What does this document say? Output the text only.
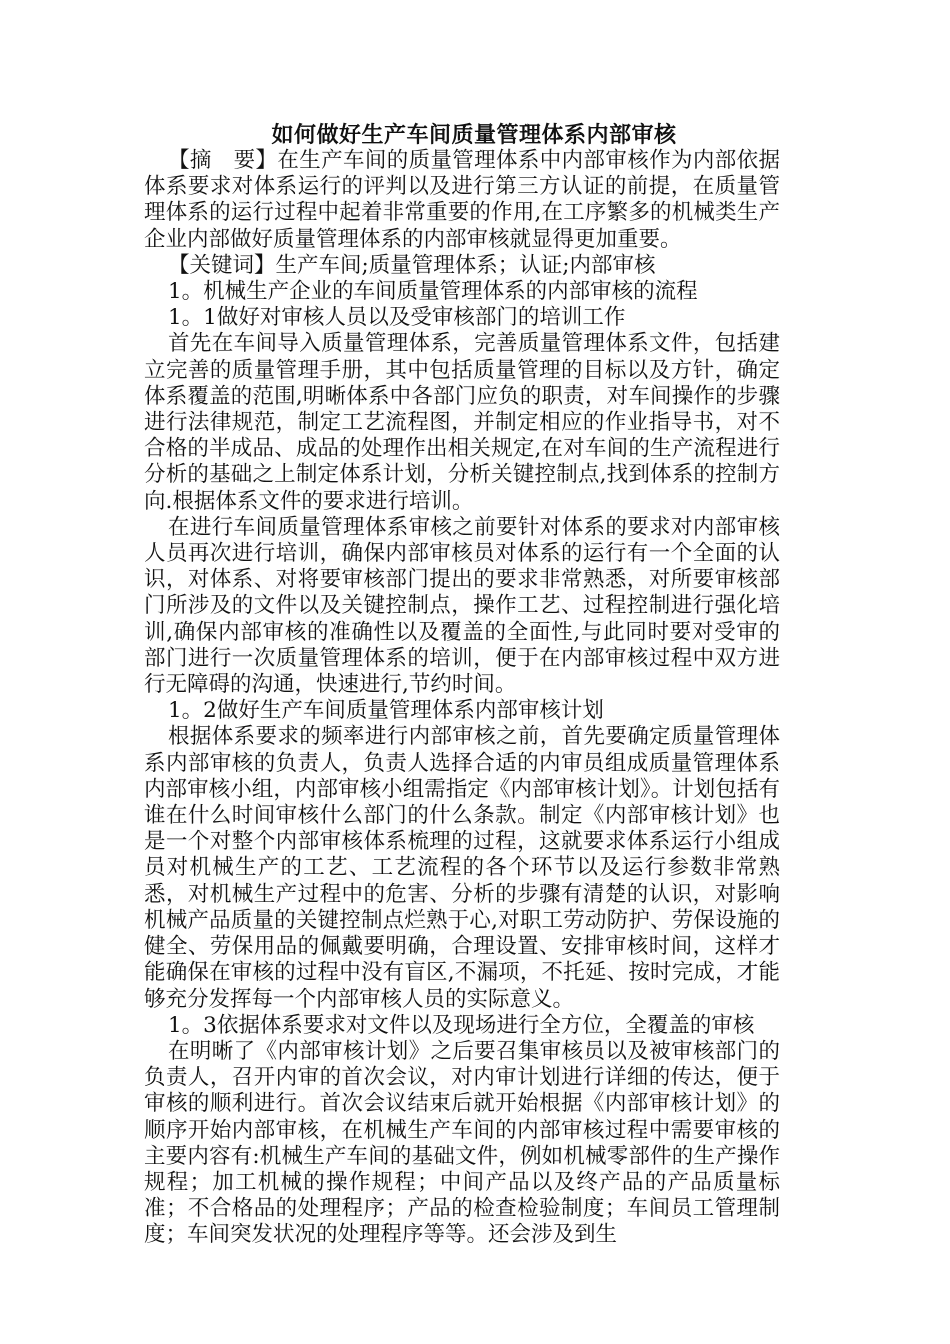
如何做好生产车间质量管理体系内部审核

【摘　要】在生产车间的质量管理体系中内部审核作为内部依据体系要求对体系运行的评判以及进行第三方认证的前提，在质量管理体系的运行过程中起着非常重要的作用,在工序繁多的机械类生产企业内部做好质量管理体系的内部审核就显得更加重要。

【关键词】生产车间;质量管理体系；认证;内部审核

1。机械生产企业的车间质量管理体系的内部审核的流程

1。1做好对审核人员以及受审核部门的培训工作

首先在车间导入质量管理体系，完善质量管理体系文件，包括建立完善的质量管理手册，其中包括质量管理的目标以及方针，确定体系覆盖的范围,明晰体系中各部门应负的职责，对车间操作的步骤进行法律规范，制定工艺流程图，并制定相应的作业指导书，对不合格的半成品、成品的处理作出相关规定,在对车间的生产流程进行分析的基础之上制定体系计划，分析关键控制点,找到体系的控制方向.根据体系文件的要求进行培训。

在进行车间质量管理体系审核之前要针对体系的要求对内部审核人员再次进行培训，确保内部审核员对体系的运行有一个全面的认识，对体系、对将要审核部门提出的要求非常熟悉，对所要审核部门所涉及的文件以及关键控制点，操作工艺、过程控制进行强化培训,确保内部审核的准确性以及覆盖的全面性,与此同时要对受审的部门进行一次质量管理体系的培训，便于在内部审核过程中双方进行无障碍的沟通，快速进行,节约时间。

1。2做好生产车间质量管理体系内部审核计划

根据体系要求的频率进行内部审核之前，首先要确定质量管理体系内部审核的负责人，负责人选择合适的内审员组成质量管理体系内部审核小组，内部审核小组需指定《内部审核计划》。计划包括有谁在什么时间审核什么部门的什么条款。制定《内部审核计划》也是一个对整个内部审核体系梳理的过程，这就要求体系运行小组成员对机械生产的工艺、工艺流程的各个环节以及运行参数非常熟悉，对机械生产过程中的危害、分析的步骤有清楚的认识，对影响机械产品质量的关键控制点烂熟于心,对职工劳动防护、劳保设施的健全、劳保用品的佩戴要明确，合理设置、安排审核时间，这样才能确保在审核的过程中没有盲区,不漏项，不托延、按时完成，才能够充分发挥每一个内部审核人员的实际意义。

1。3依据体系要求对文件以及现场进行全方位，全覆盖的审核

在明晰了《内部审核计划》之后要召集审核员以及被审核部门的负责人，召开内审的首次会议，对内审计划进行详细的传达，便于审核的顺利进行。首次会议结束后就开始根据《内部审核计划》的顺序开始内部审核，在机械生产车间的内部审核过程中需要审核的主要内容有:机械生产车间的基础文件，例如机械零部件的生产操作规程；加工机械的操作规程；中间产品以及终产品的产品质量标准；不合格品的处理程序；产品的检查检验制度；车间员工管理制度；车间突发状况的处理程序等等。还会涉及到生
